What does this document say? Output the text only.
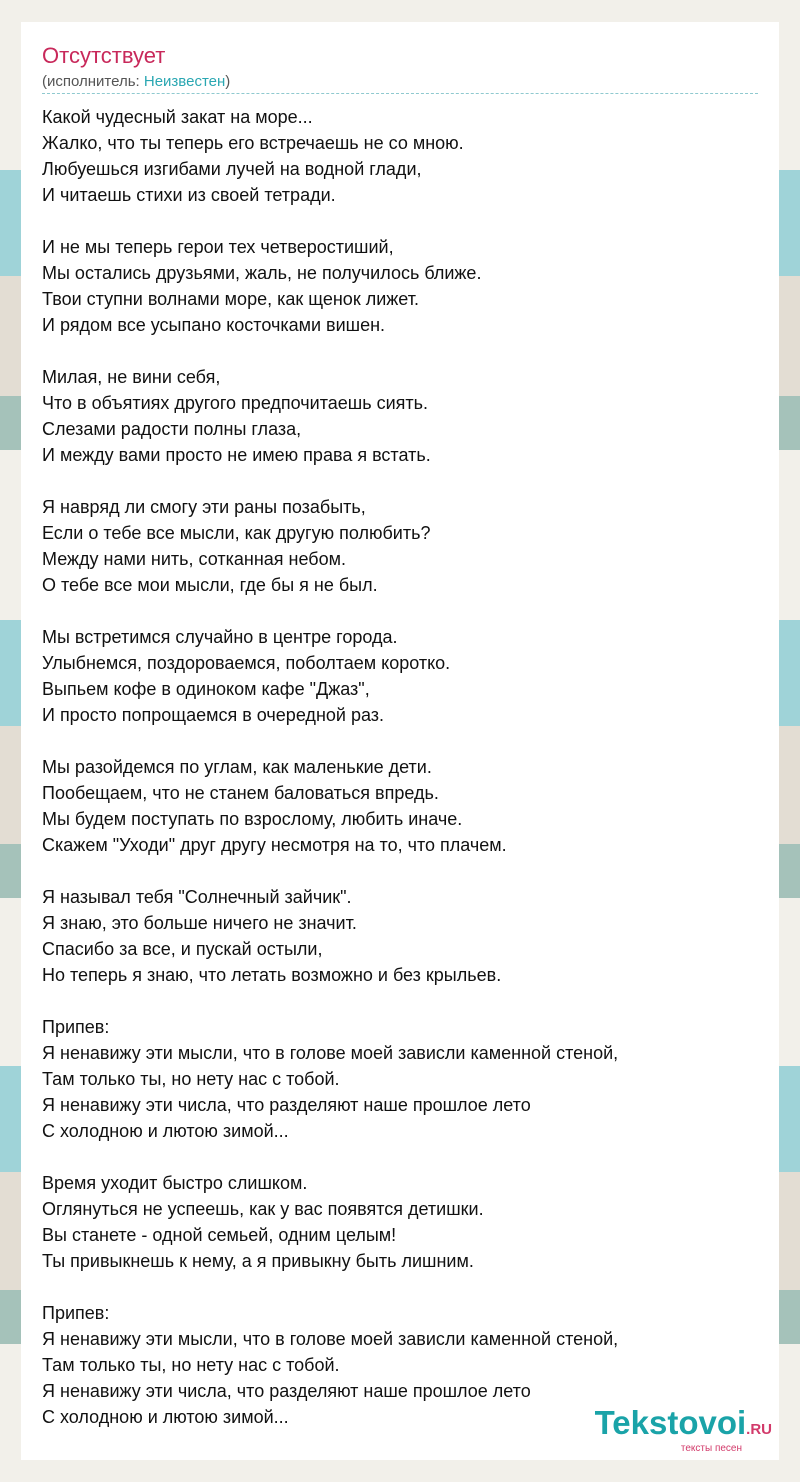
Отсутствует
(исполнитель: Неизвестен)
Какой чудесный закат на море...
Жалко, что ты теперь его встречаешь не со мною.
Любуешься изгибами лучей на водной глади,
И читаешь стихи из своей тетради.
И не мы теперь герои тех четверостиший,
Мы остались друзьями, жаль, не получилось ближе.
Твои ступни волнами море, как щенок лижет.
И рядом все усыпано косточками вишен.
Милая, не вини себя,
Что в объятиях другого предпочитаешь сиять.
Слезами радости полны глаза,
И между вами просто не имею права я встать.
Я навряд ли смогу эти раны позабыть,
Если о тебе все мысли, как другую полюбить?
Между нами нить, сотканная небом.
О тебе все мои мысли, где бы я не был.
Мы встретимся случайно в центре города.
Улыбнемся, поздороваемся, поболтаем коротко.
Выпьем кофе в одиноком кафе "Джаз",
И просто попрощаемся в очередной раз.
Мы разойдемся по углам, как маленькие дети.
Пообещаем, что не станем баловаться впредь.
Мы будем поступать по взрослому, любить иначе.
Скажем "Уходи" друг другу несмотря на то, что плачем.
Я называл тебя "Солнечный зайчик".
Я знаю, это больше ничего не значит.
Спасибо за все, и пускай остыли,
Но теперь я знаю, что летать возможно и без крыльев.
Припев:
Я ненавижу эти мысли, что в голове моей зависли каменной стеной,
Там только ты, но нету нас с тобой.
Я ненавижу эти числа, что разделяют наше прошлое лето
С холодною и лютою зимой...
Время уходит быстро слишком.
Оглянуться не успеешь, как у вас появятся детишки.
Вы станете - одной семьей, одним целым!
Ты привыкнешь к нему, а я привыкну быть лишним.
Припев:
Я ненавижу эти мысли, что в голове моей зависли каменной стеной,
Там только ты, но нету нас с тобой.
Я ненавижу эти числа, что разделяют наше прошлое лето
С холодною и лютою зимой...	Tekstovoi.RU
тексты песен
